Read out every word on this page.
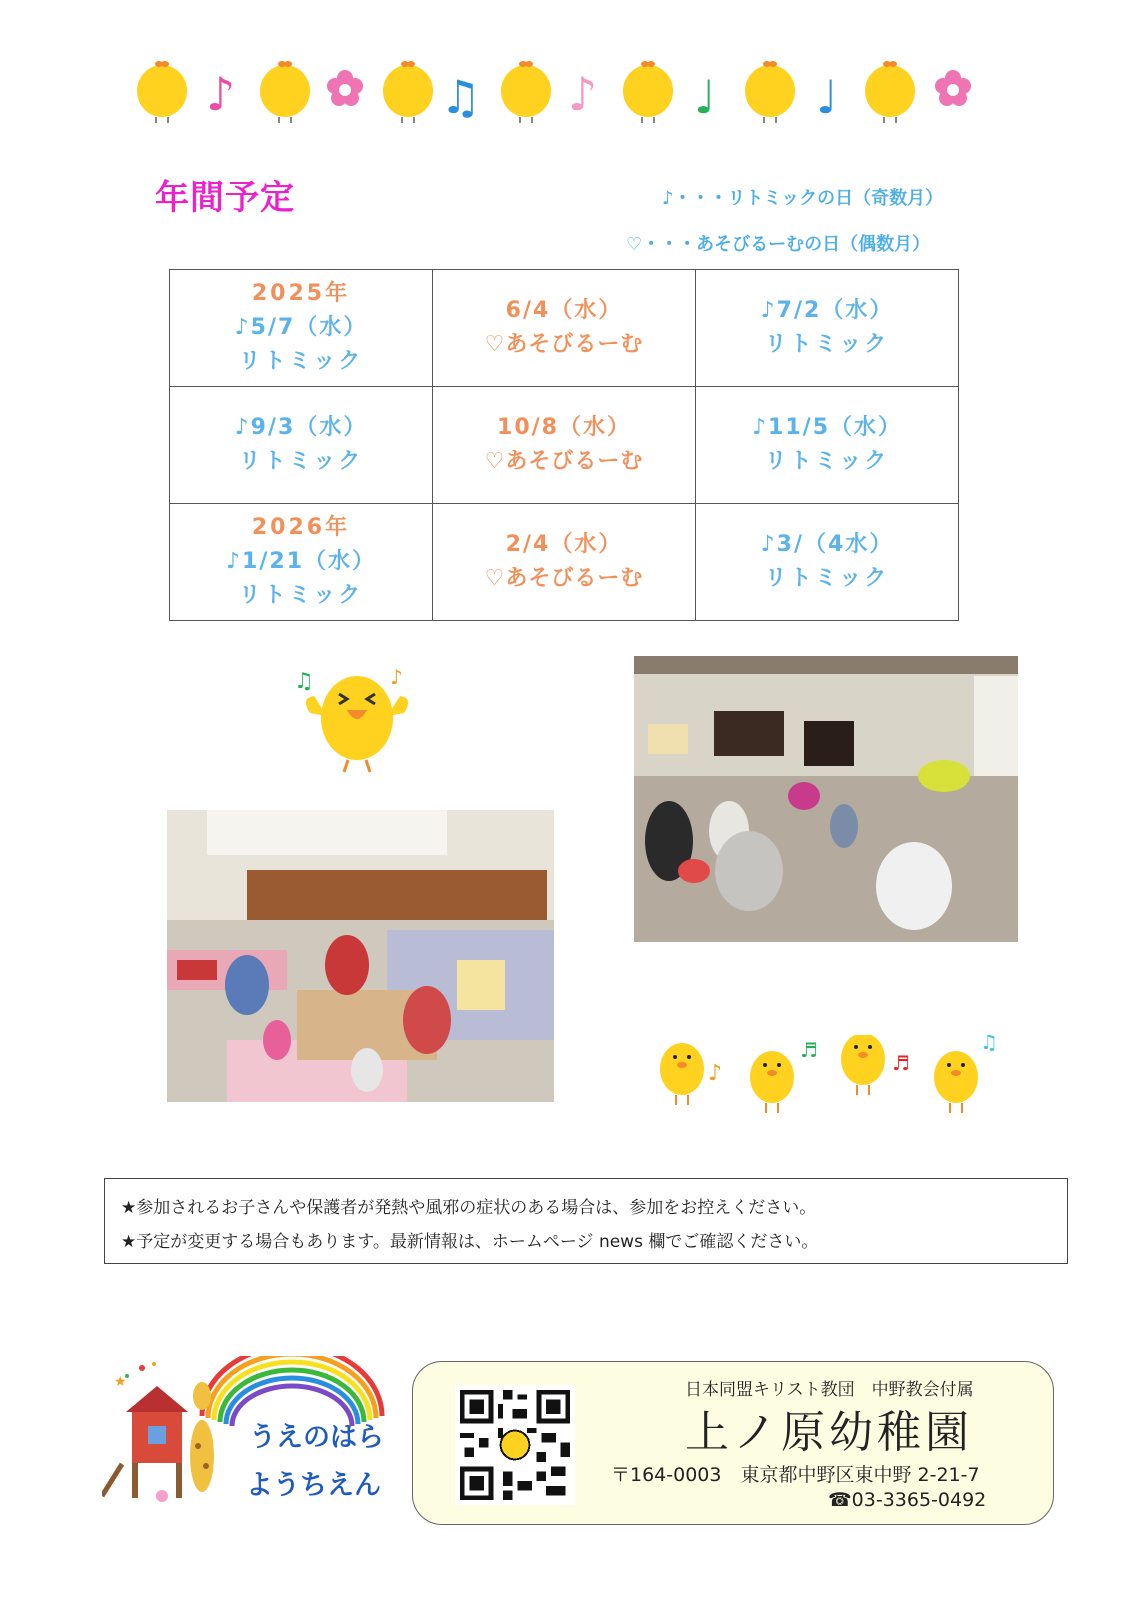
♪	♫ ♪ ♩ ♩
年間予定	♪・・・リトミックの日（奇数月）
♡・・・あそびるーむの日（偶数月）
2025年
♪5/7（水）
リトミック	6/4（水）
♡あそびるーむ	♪7/2（水）
リトミック

♪9/3（水）
リトミック	10/8（水）
♡あそびるーむ	♪11/5（水）
リトミック

2026年
♪1/21（水）
リトミック	2/4（水）
♡あそびるーむ	♪3/（4水）
リトミック
♫	♪
♪
♬
♬
♫
★参加されるお子さんや保護者が発熱や風邪の症状のある場合は、参加をお控えください。
★予定が変更する場合もあります。最新情報は、ホームページ news 欄でご確認ください。
★
うえのはら
ようちえん
日本同盟キリスト教団　中野教会付属
上ノ原幼稚園
〒164-0003　東京都中野区東中野 2-21-7
☎03-3365-0492
